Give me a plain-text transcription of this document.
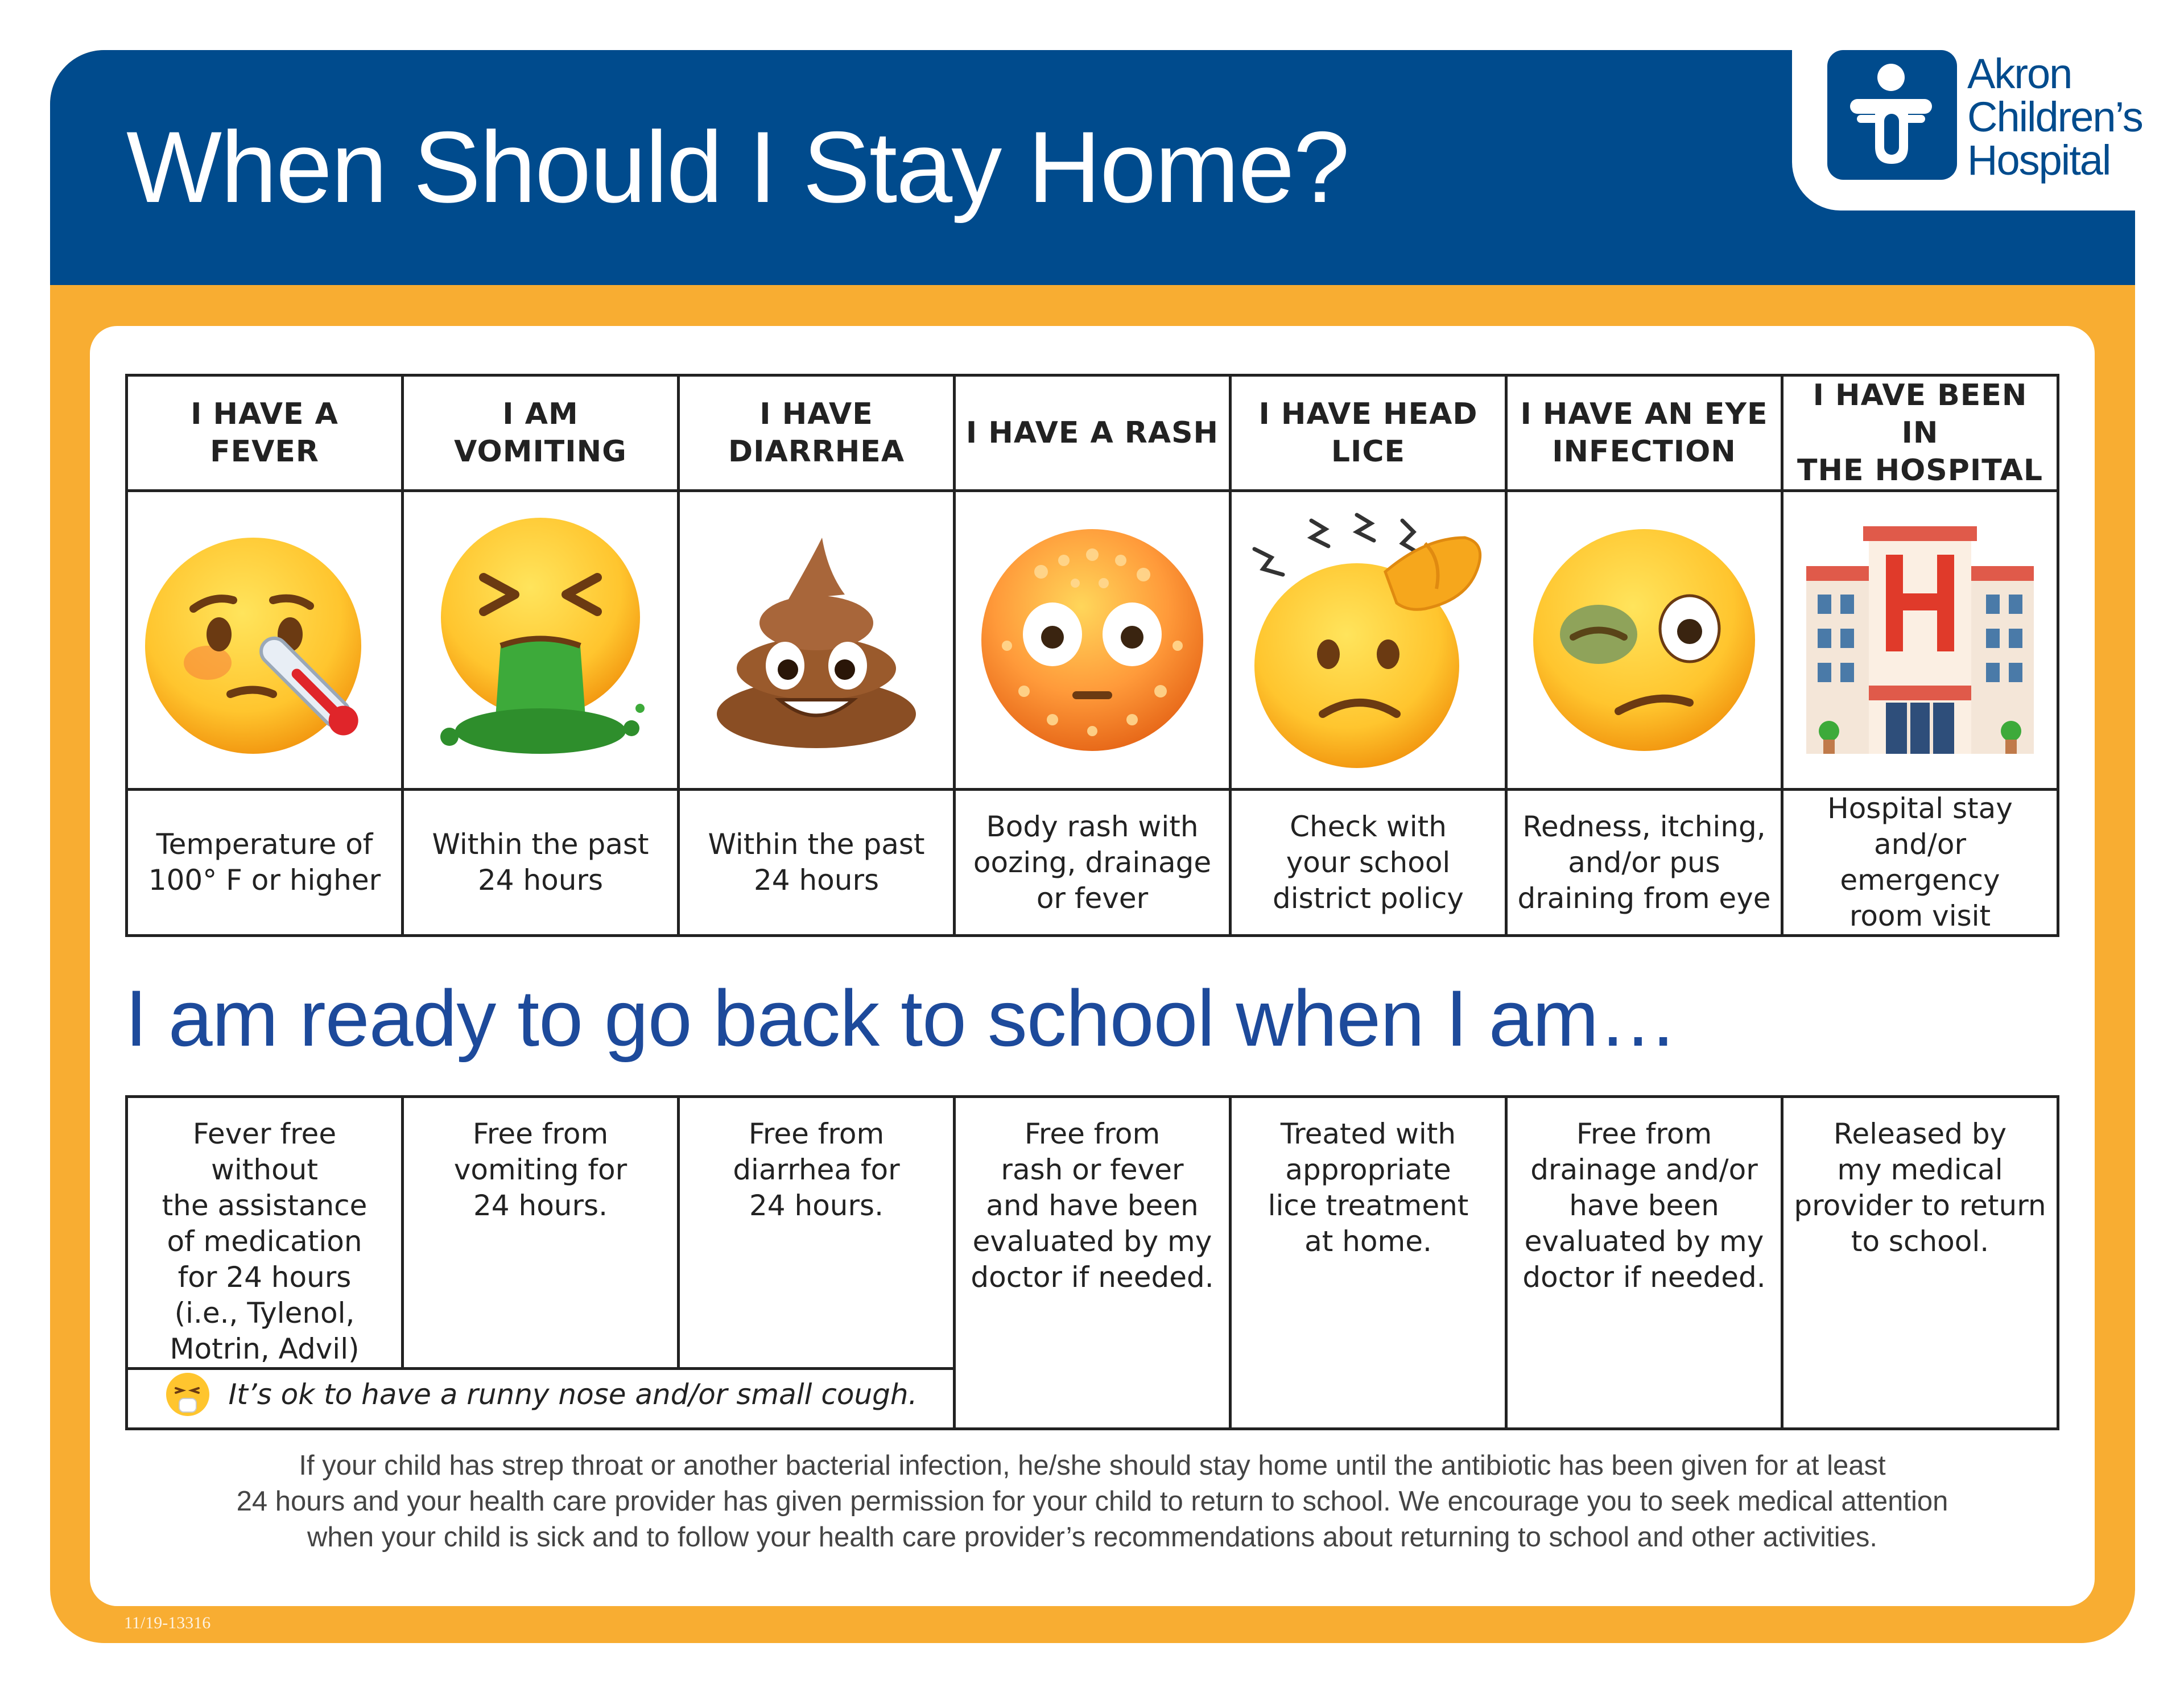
When Should I Stay Home?
Akron
Children’s
Hospital
I HAVE A FEVER	I AM VOMITING	I HAVE
DIARRHEA	I HAVE A RASH	I HAVE HEAD
LICE	I HAVE AN EYE
INFECTION	I HAVE BEEN IN
THE HOSPITAL

Temperature of
100° F or higher	Within the past
24 hours	Within the past
24 hours	Body rash with
oozing, drainage
or fever	Check with
your school
district policy	Redness, itching,
and/or pus
draining from eye	Hospital stay
and/or emergency
room visit
I am ready to go back to school when I am…
Fever free without
the assistance
of medication
for 24 hours
(i.e., Tylenol,
Motrin, Advil)	Free from
vomiting for
24 hours.	Free from
diarrhea for
24 hours.	Free from
rash or fever
and have been
evaluated by my
doctor if needed.	Treated with
appropriate
lice treatment
at home.	Free from
drainage and/or
have been
evaluated by my
doctor if needed.	Released by
my medical
provider to return
to school.

It’s ok to have a runny nose and/or small cough.
If your child has strep throat or another bacterial infection, he/she should stay home until the antibiotic has been given for at least
24 hours and your health care provider has given permission for your child to return to school. We encourage you to seek medical attention
when your child is sick and to follow your health care provider’s recommendations about returning to school and other activities.
11/19-13316
